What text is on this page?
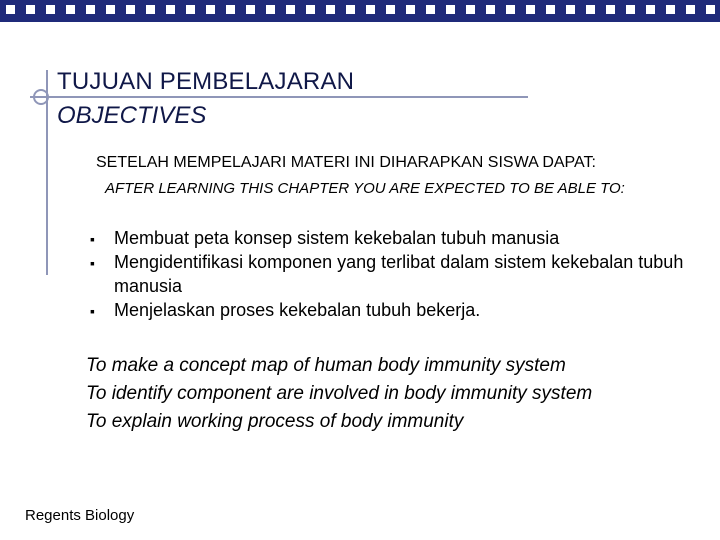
TUJUAN PEMBELAJARAN
OBJECTIVES
SETELAH MEMPELAJARI MATERI INI DIHARAPKAN SISWA DAPAT:
AFTER LEARNING THIS CHAPTER YOU ARE EXPECTED TO BE ABLE TO:
▪ Membuat peta konsep sistem kekebalan tubuh manusia
▪ Mengidentifikasi komponen yang terlibat dalam sistem kekebalan tubuh manusia
▪ Menjelaskan proses kekebalan tubuh bekerja.
To make a concept map of human body immunity system
To identify component are involved in body immunity system
To explain working process of body immunity
Regents Biology
